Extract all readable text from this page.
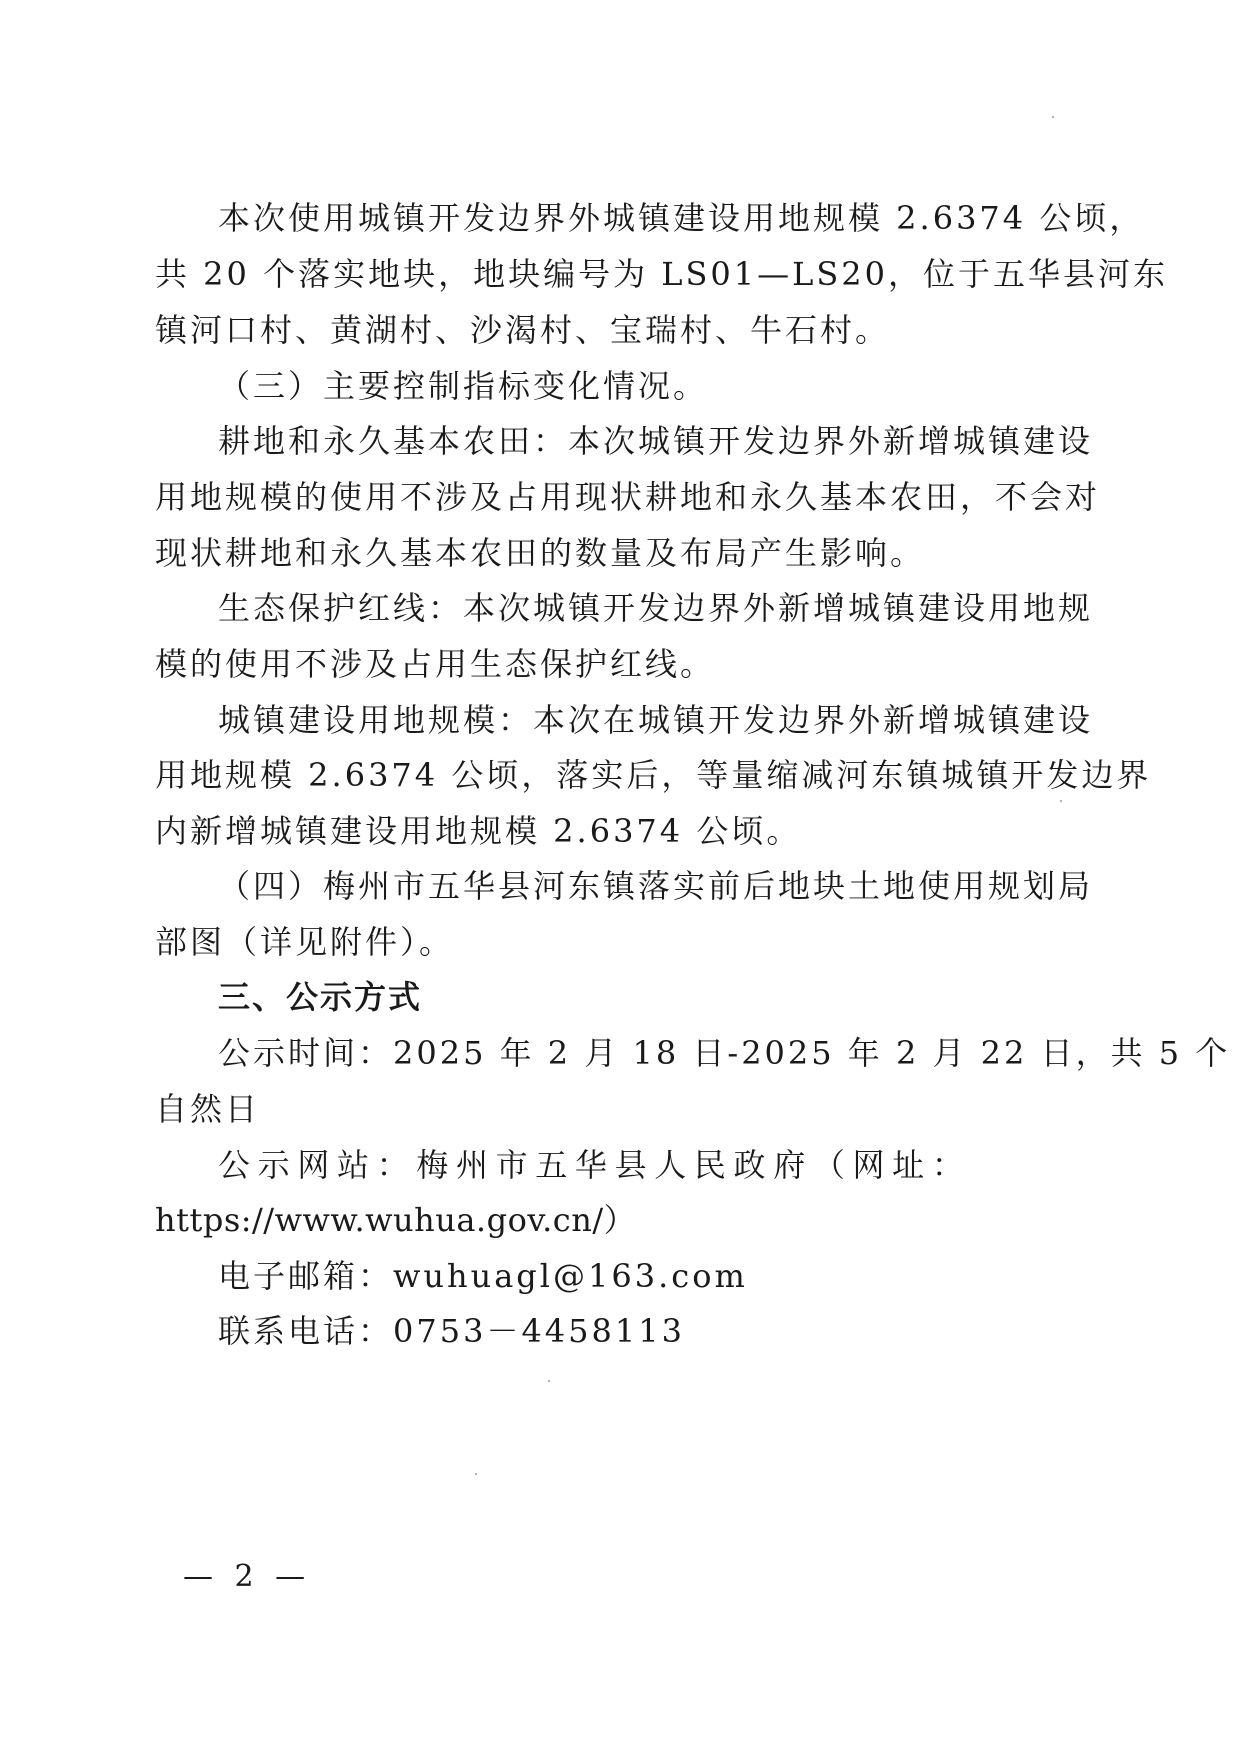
本次使用城镇开发边界外城镇建设用地规模 2.6374 公顷，
共 20 个落实地块，地块编号为 LS01—LS20，位于五华县河东
镇河口村、黄湖村、沙渴村、宝瑞村、牛石村。
（三）主要控制指标变化情况。
耕地和永久基本农田：本次城镇开发边界外新增城镇建设
用地规模的使用不涉及占用现状耕地和永久基本农田，不会对
现状耕地和永久基本农田的数量及布局产生影响。
生态保护红线：本次城镇开发边界外新增城镇建设用地规
模的使用不涉及占用生态保护红线。
城镇建设用地规模：本次在城镇开发边界外新增城镇建设
用地规模 2.6374 公顷，落实后，等量缩减河东镇城镇开发边界
内新增城镇建设用地规模 2.6374 公顷。
（四）梅州市五华县河东镇落实前后地块土地使用规划局
部图（详见附件）。
三、公示方式
公示时间：2025 年 2 月 18 日-2025 年 2 月 22 日，共 5 个
自然日
公 示 网 站 ： 梅 州 市 五 华 县 人 民 政 府 （ 网 址 ：
https://www.wuhua.gov.cn/）
电子邮箱：wuhuagl@163.com
联系电话：0753－4458113
— 2 —
